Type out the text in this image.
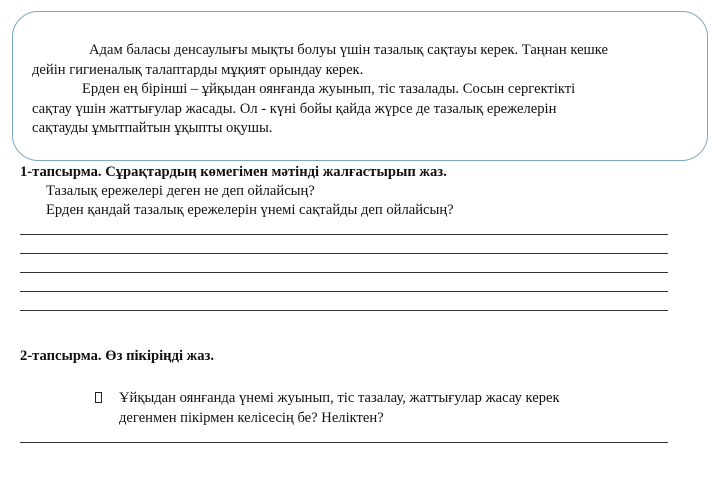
Адам баласы денсаулығы мықты болуы үшін тазалық сақтауы керек. Таңнан кешке
дейін гигиеналық талаптарды мұқият орындау керек.
Ерден ең бірінші – ұйқыдан оянғанда жуынып, тіс тазалады. Сосын сергектікті
сақтау үшін жаттығулар жасады. Ол - күні бойы қайда жүрсе де тазалық ережелерін
сақтауды ұмытпайтын ұқыпты оқушы.

1-тапсырма. Сұрақтардың көмегімен мәтінді жалғастырып жаз.

Тазалық ережелері деген не деп ойлайсың?

Ерден қандай тазалық ережелерін үнемі сақтайды деп ойлайсың?

2-тапсырма. Өз пікіріңді жаз.

Ұйқыдан оянғанда үнемі жуынып, тіс тазалау, жаттығулар жасау керек
дегенмен пікірмен келісесің бе? Неліктен?
